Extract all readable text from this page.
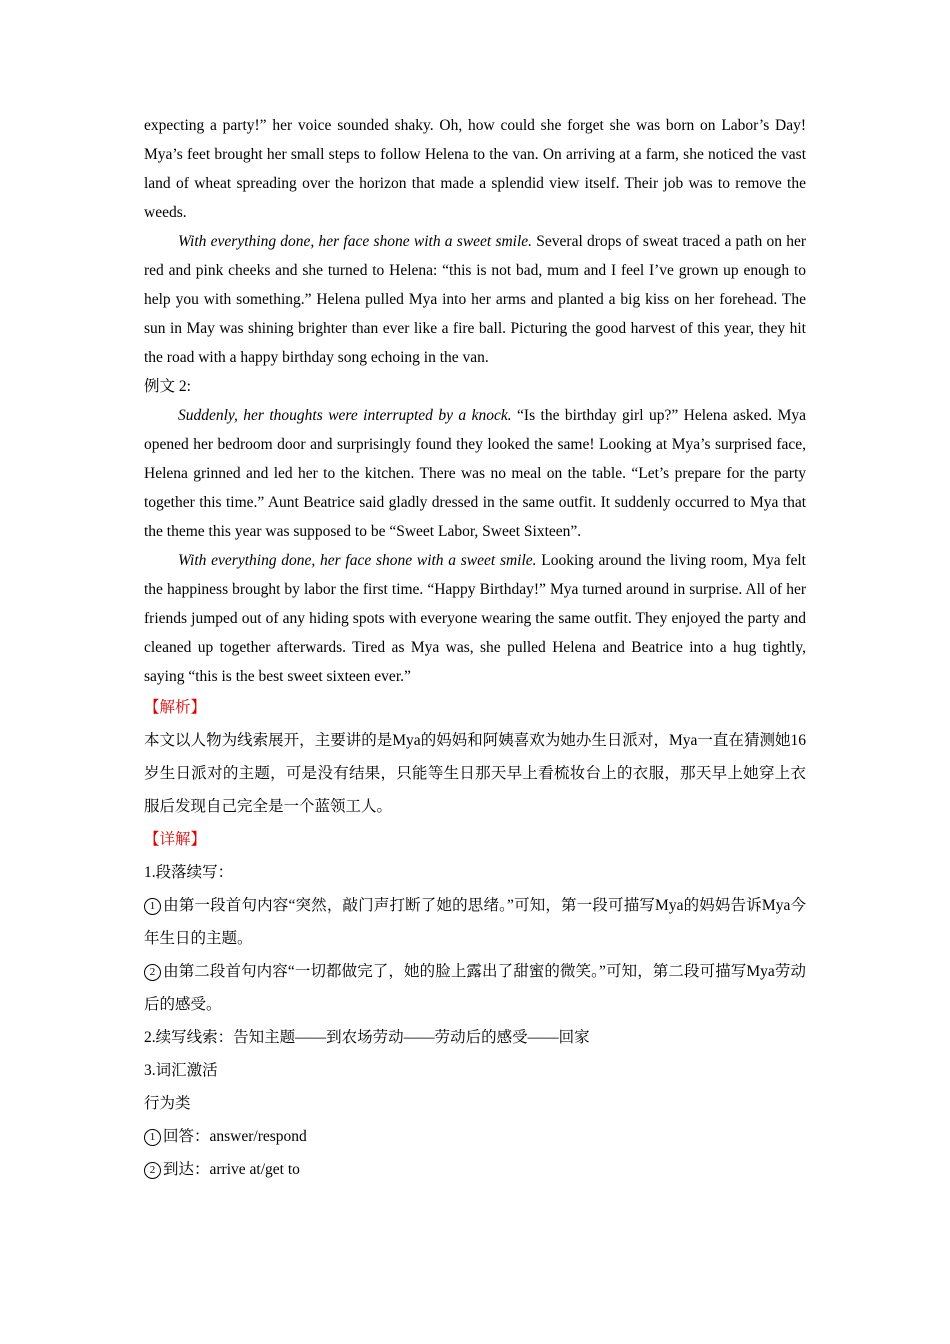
expecting a party!” her voice sounded shaky. Oh, how could she forget she was born on Labor’s Day! Mya’s feet brought her small steps to follow Helena to the van. On arriving at a farm, she noticed the vast land of wheat spreading over the horizon that made a splendid view itself. Their job was to remove the weeds.

With everything done, her face shone with a sweet smile. Several drops of sweat traced a path on her red and pink cheeks and she turned to Helena: “this is not bad, mum and I feel I’ve grown up enough to help you with something.” Helena pulled Mya into her arms and planted a big kiss on her forehead. The sun in May was shining brighter than ever like a fire ball. Picturing the good harvest of this year, they hit the road with a happy birthday song echoing in the van.

例文 2:

Suddenly, her thoughts were interrupted by a knock. “Is the birthday girl up?” Helena asked. Mya opened her bedroom door and surprisingly found they looked the same! Looking at Mya’s surprised face, Helena grinned and led her to the kitchen. There was no meal on the table. “Let’s prepare for the party together this time.” Aunt Beatrice said gladly dressed in the same outfit. It suddenly occurred to Mya that the theme this year was supposed to be “Sweet Labor, Sweet Sixteen”.

With everything done, her face shone with a sweet smile. Looking around the living room, Mya felt the happiness brought by labor the first time. “Happy Birthday!” Mya turned around in surprise. All of her friends jumped out of any hiding spots with everyone wearing the same outfit. They enjoyed the party and cleaned up together afterwards. Tired as Mya was, she pulled Helena and Beatrice into a hug tightly, saying “this is the best sweet sixteen ever.”

【解析】

本文以人物为线索展开，主要讲的是Mya的妈妈和阿姨喜欢为她办生日派对，Mya一直在猜测她16岁生日派对的主题，可是没有结果，只能等生日那天早上看梳妆台上的衣服，那天早上她穿上衣服后发现自己完全是一个蓝领工人。

【详解】

1.段落续写：

1 由第一段首句内容“突然，敲门声打断了她的思绪。”可知，第一段可描写Mya的妈妈告诉Mya今年生日的主题。

2 由第二段首句内容“一切都做完了，她的脸上露出了甜蜜的微笑。”可知，第二段可描写Mya劳动后的感受。

2.续写线索：告知主题——到农场劳动——劳动后的感受——回家

3.词汇激活

行为类

1 回答：answer/respond

2 到达：arrive at/get to
